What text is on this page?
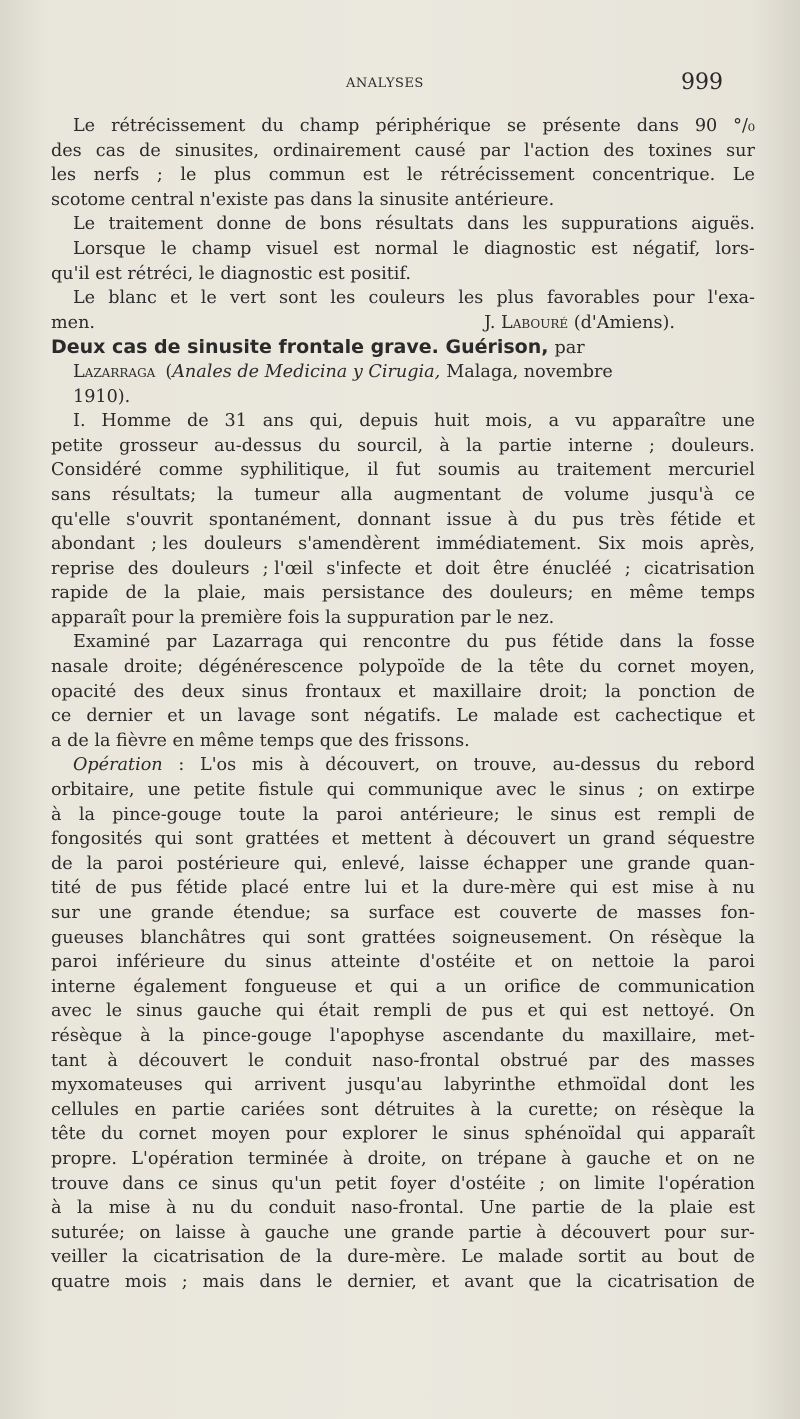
ANALYSES	999
Le rétrécissement du champ périphérique se présente dans 90 °/₀
des cas de sinusites, ordinairement causé par l'action des toxines sur
les nerfs ; le plus commun est le rétrécissement concentrique. Le
scotome central n'existe pas dans la sinusite antérieure.
Le traitement donne de bons résultats dans les suppurations aiguës.
Lorsque le champ visuel est normal le diagnostic est négatif, lors-
qu'il est rétréci, le diagnostic est positif.
Le blanc et le vert sont les couleurs les plus favorables pour l'exa-
men.	J. Labouré (d'Amiens).
Deux cas de sinusite frontale grave. Guérison, par
Lazarraga (Anales de Medicina y Cirugia, Malaga, novembre
1910).
I. Homme de 31 ans qui, depuis huit mois, a vu apparaître une
petite grosseur au-dessus du sourcil, à la partie interne ; douleurs.
Considéré comme syphilitique, il fut soumis au traitement mercuriel
sans résultats; la tumeur alla augmentant de volume jusqu'à ce
qu'elle s'ouvrit spontanément, donnant issue à du pus très fétide et
abondant ; les douleurs s'amendèrent immédiatement. Six mois après,
reprise des douleurs ; l'œil s'infecte et doit être énucléé ; cicatrisation
rapide de la plaie, mais persistance des douleurs; en même temps
apparaît pour la première fois la suppuration par le nez.
Examiné par Lazarraga qui rencontre du pus fétide dans la fosse
nasale droite; dégénérescence polypoïde de la tête du cornet moyen,
opacité des deux sinus frontaux et maxillaire droit; la ponction de
ce dernier et un lavage sont négatifs. Le malade est cachectique et
a de la fièvre en même temps que des frissons.
Opération : L'os mis à découvert, on trouve, au-dessus du rebord
orbitaire, une petite fistule qui communique avec le sinus ; on extirpe
à la pince-gouge toute la paroi antérieure; le sinus est rempli de
fongosités qui sont grattées et mettent à découvert un grand séquestre
de la paroi postérieure qui, enlevé, laisse échapper une grande quan-
tité de pus fétide placé entre lui et la dure-mère qui est mise à nu
sur une grande étendue; sa surface est couverte de masses fon-
gueuses blanchâtres qui sont grattées soigneusement. On résèque la
paroi inférieure du sinus atteinte d'ostéite et on nettoie la paroi
interne également fongueuse et qui a un orifice de communication
avec le sinus gauche qui était rempli de pus et qui est nettoyé. On
résèque à la pince-gouge l'apophyse ascendante du maxillaire, met-
tant à découvert le conduit naso-frontal obstrué par des masses
myxomateuses qui arrivent jusqu'au labyrinthe ethmoïdal dont les
cellules en partie cariées sont détruites à la curette; on résèque la
tête du cornet moyen pour explorer le sinus sphénoïdal qui apparaît
propre. L'opération terminée à droite, on trépane à gauche et on ne
trouve dans ce sinus qu'un petit foyer d'ostéite ; on limite l'opération
à la mise à nu du conduit naso-frontal. Une partie de la plaie est
suturée; on laisse à gauche une grande partie à découvert pour sur-
veiller la cicatrisation de la dure-mère. Le malade sortit au bout de
quatre mois ; mais dans le dernier, et avant que la cicatrisation de
